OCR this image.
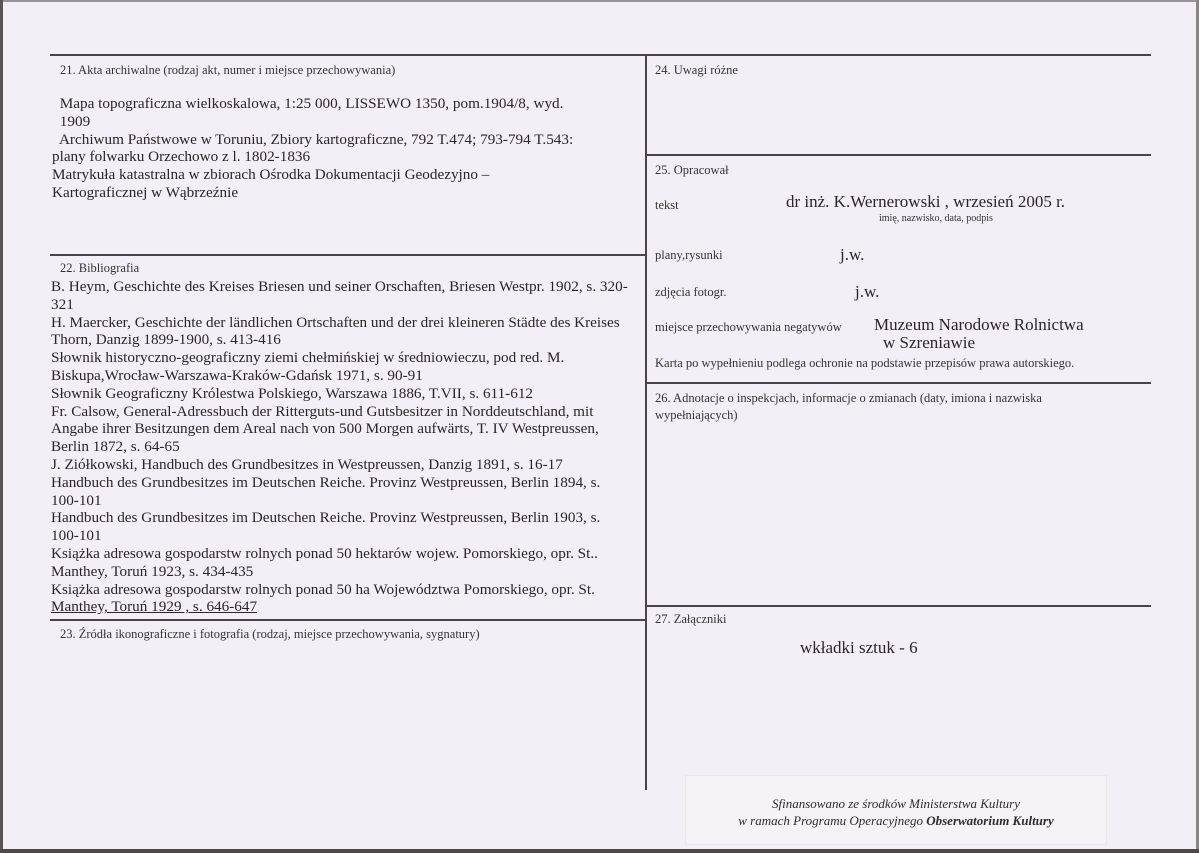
21. Akta archiwalne (rodzaj akt, numer i miejsce przechowywania)
Mapa topograficzna wielkoskalowa, 1:25 000, LISSEWO 1350, pom.1904/8, wyd.
1909
Archiwum Państwowe w Toruniu, Zbiory kartograficzne, 792 T.474; 793-794 T.543:
plany folwarku Orzechowo z l. 1802-1836
Matrykuła katastralna w zbiorach Ośrodka Dokumentacji Geodezyjno –
Kartograficznej w Wąbrzeźnie
22. Bibliografia
B. Heym, Geschichte des Kreises Briesen und seiner Orschaften, Briesen Westpr. 1902, s. 320-
321
H. Maercker, Geschichte der ländlichen Ortschaften und der drei kleineren Städte des Kreises
Thorn, Danzig 1899-1900, s. 413-416
Słownik historyczno-geograficzny ziemi chełmińskiej w średniowieczu, pod red. M.
Biskupa,Wrocław-Warszawa-Kraków-Gdańsk 1971, s. 90-91
Słownik Geograficzny Królestwa Polskiego, Warszawa 1886, T.VII, s. 611-612
Fr. Calsow, General-Adressbuch der Ritterguts-und Gutsbesitzer in Norddeutschland, mit
Angabe ihrer Besitzungen dem Areal nach von 500 Morgen aufwärts, T. IV Westpreussen,
Berlin 1872, s. 64-65
J. Ziółkowski, Handbuch des Grundbesitzes in Westpreussen, Danzig 1891, s. 16-17
Handbuch des Grundbesitzes im Deutschen Reiche. Provinz Westpreussen, Berlin 1894, s.
100-101
Handbuch des Grundbesitzes im Deutschen Reiche. Provinz Westpreussen, Berlin 1903, s.
100-101
Książka adresowa gospodarstw rolnych ponad 50 hektarów wojew. Pomorskiego, opr. St..
Manthey, Toruń 1923, s. 434-435
Książka adresowa gospodarstw rolnych ponad 50 ha Województwa Pomorskiego, opr. St.
Manthey, Toruń 1929 , s. 646-647
23. Źródła ikonograficzne i fotografia (rodzaj, miejsce przechowywania, sygnatury)
24. Uwagi różne
25. Opracował
tekst	dr inż. K.Wernerowski , wrzesień 2005 r.
imię, nazwisko, data, podpis
plany,rysunki	j.w.
zdjęcia fotogr.	j.w.
miejsce przechowywania negatywów Muzeum Narodowe Rolnictwa
w Szreniawie
Karta po wypełnieniu podlega ochronie na podstawie przepisów prawa autorskiego.
26. Adnotacje o inspekcjach, informacje o zmianach (daty, imiona i nazwiska
wypełniających)
27. Załączniki
wkładki sztuk - 6
Sfinansowano ze środków Ministerstwa Kultury
w ramach Programu Operacyjnego Obserwatorium Kultury
